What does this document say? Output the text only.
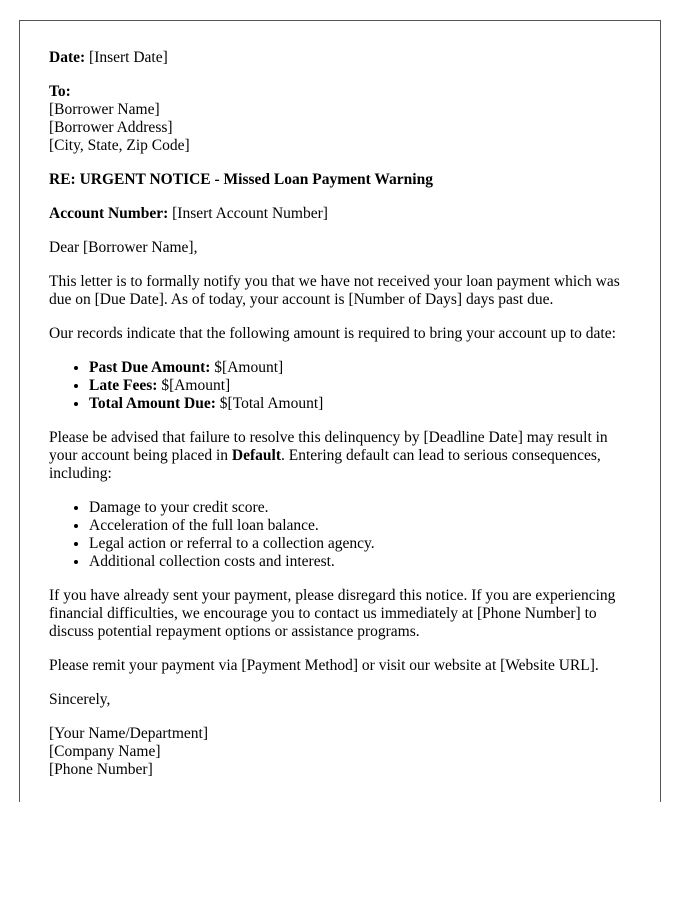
Date: [Insert Date]

To:
[Borrower Name]
[Borrower Address]
[City, State, Zip Code]

RE: URGENT NOTICE - Missed Loan Payment Warning

Account Number: [Insert Account Number]

Dear [Borrower Name],

This letter is to formally notify you that we have not received your loan payment which was due on [Due Date]. As of today, your account is [Number of Days] days past due.

Our records indicate that the following amount is required to bring your account up to date:

• Past Due Amount: $[Amount]
• Late Fees: $[Amount]
• Total Amount Due: $[Total Amount]

Please be advised that failure to resolve this delinquency by [Deadline Date] may result in your account being placed in Default. Entering default can lead to serious consequences, including:

• Damage to your credit score.
• Acceleration of the full loan balance.
• Legal action or referral to a collection agency.
• Additional collection costs and interest.

If you have already sent your payment, please disregard this notice. If you are experiencing financial difficulties, we encourage you to contact us immediately at [Phone Number] to discuss potential repayment options or assistance programs.

Please remit your payment via [Payment Method] or visit our website at [Website URL].

Sincerely,

[Your Name/Department]
[Company Name]
[Phone Number]
